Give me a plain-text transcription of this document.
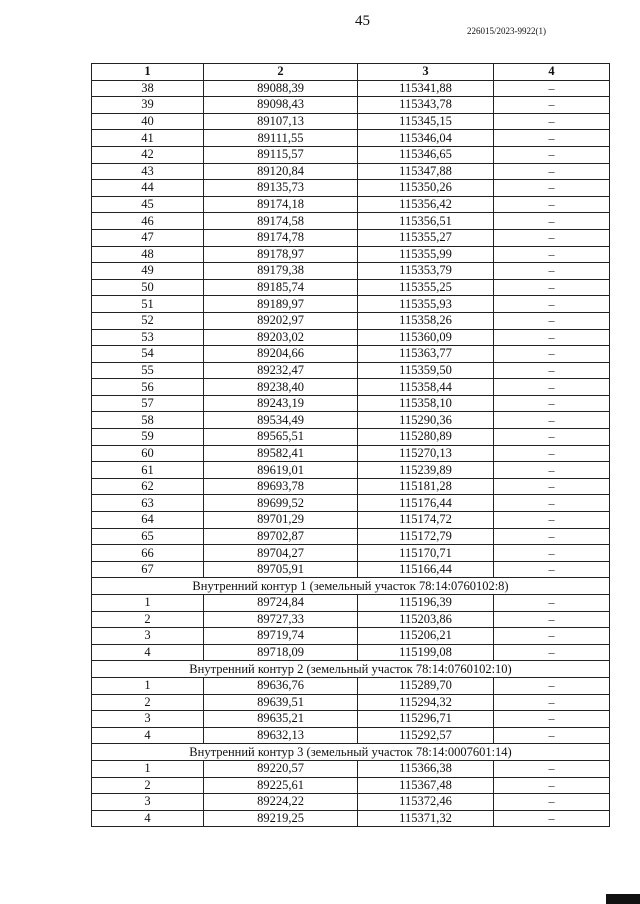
45
226015/2023-9922(1)
1	2	3	4
38	89088,39	115341,88	–
39	89098,43	115343,78	–
40	89107,13	115345,15	–
41	89111,55	115346,04	–
42	89115,57	115346,65	–
43	89120,84	115347,88	–
44	89135,73	115350,26	–
45	89174,18	115356,42	–
46	89174,58	115356,51	–
47	89174,78	115355,27	–
48	89178,97	115355,99	–
49	89179,38	115353,79	–
50	89185,74	115355,25	–
51	89189,97	115355,93	–
52	89202,97	115358,26	–
53	89203,02	115360,09	–
54	89204,66	115363,77	–
55	89232,47	115359,50	–
56	89238,40	115358,44	–
57	89243,19	115358,10	–
58	89534,49	115290,36	–
59	89565,51	115280,89	–
60	89582,41	115270,13	–
61	89619,01	115239,89	–
62	89693,78	115181,28	–
63	89699,52	115176,44	–
64	89701,29	115174,72	–
65	89702,87	115172,79	–
66	89704,27	115170,71	–
67	89705,91	115166,44	–
Внутренний контур 1 (земельный участок 78:14:0760102:8)			
1	89724,84	115196,39	–
2	89727,33	115203,86	–
3	89719,74	115206,21	–
4	89718,09	115199,08	–
Внутренний контур 2 (земельный участок 78:14:0760102:10)			
1	89636,76	115289,70	–
2	89639,51	115294,32	–
3	89635,21	115296,71	–
4	89632,13	115292,57	–
Внутренний контур 3 (земельный участок 78:14:0007601:14)			
1	89220,57	115366,38	–
2	89225,61	115367,48	–
3	89224,22	115372,46	–
4	89219,25	115371,32	–
